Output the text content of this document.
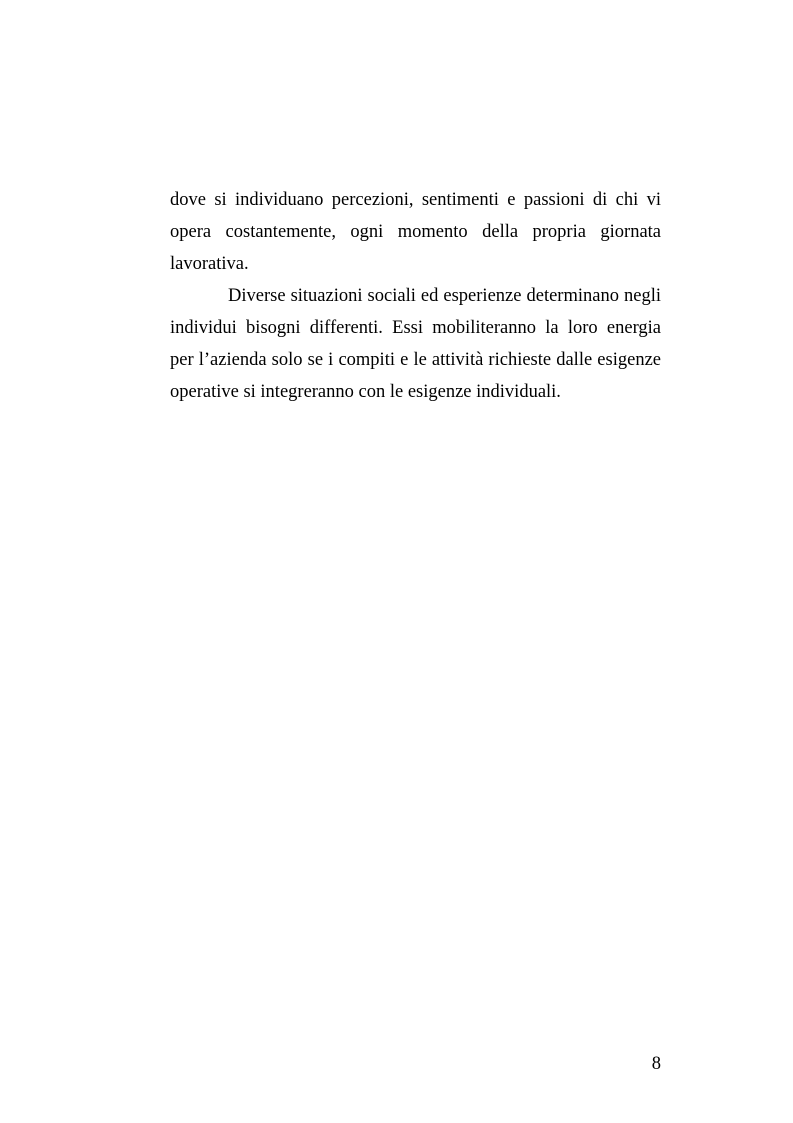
dove si individuano percezioni, sentimenti e passioni di chi vi
opera costantemente, ogni momento della propria giornata
lavorativa.

Diverse situazioni sociali ed esperienze determinano negli
individui bisogni differenti. Essi mobiliteranno la loro energia
per l’azienda solo se i compiti e le attività richieste dalle esigenze
operative si integreranno con le esigenze individuali.

8
